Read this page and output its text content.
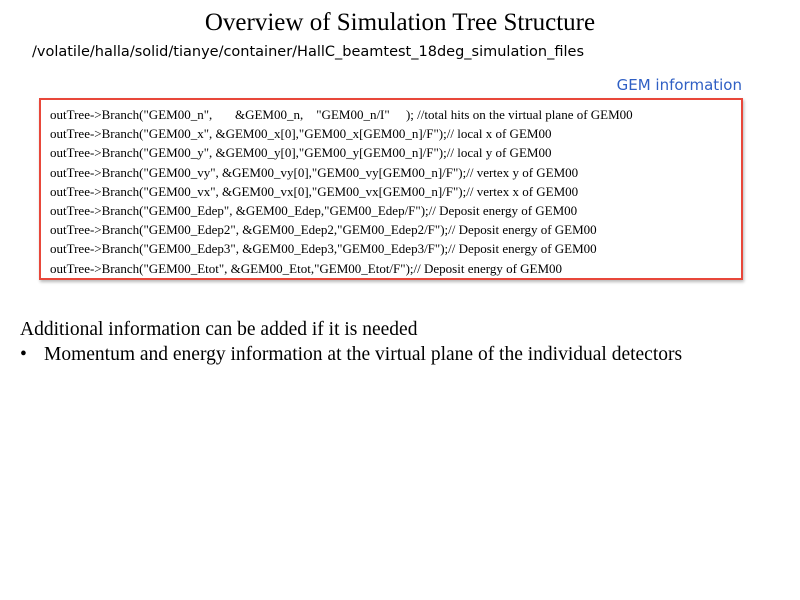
Overview of Simulation Tree Structure
/volatile/halla/solid/tianye/container/HallC_beamtest_18deg_simulation_files
GEM information
outTree->Branch("GEM00_n",       &GEM00_n,    "GEM00_n/I"     ); //total hits on the virtual plane of GEM00
outTree->Branch("GEM00_x", &GEM00_x[0],"GEM00_x[GEM00_n]/F");// local x of GEM00
outTree->Branch("GEM00_y", &GEM00_y[0],"GEM00_y[GEM00_n]/F");// local y of GEM00
outTree->Branch("GEM00_vy", &GEM00_vy[0],"GEM00_vy[GEM00_n]/F");// vertex y of GEM00
outTree->Branch("GEM00_vx", &GEM00_vx[0],"GEM00_vx[GEM00_n]/F");// vertex x of GEM00
outTree->Branch("GEM00_Edep", &GEM00_Edep,"GEM00_Edep/F");// Deposit energy of GEM00
outTree->Branch("GEM00_Edep2", &GEM00_Edep2,"GEM00_Edep2/F");// Deposit energy of GEM00
outTree->Branch("GEM00_Edep3", &GEM00_Edep3,"GEM00_Edep3/F");// Deposit energy of GEM00
outTree->Branch("GEM00_Etot", &GEM00_Etot,"GEM00_Etot/F");// Deposit energy of GEM00
Additional information can be added if it is needed
• Momentum and energy information at the virtual plane of the individual detectors
